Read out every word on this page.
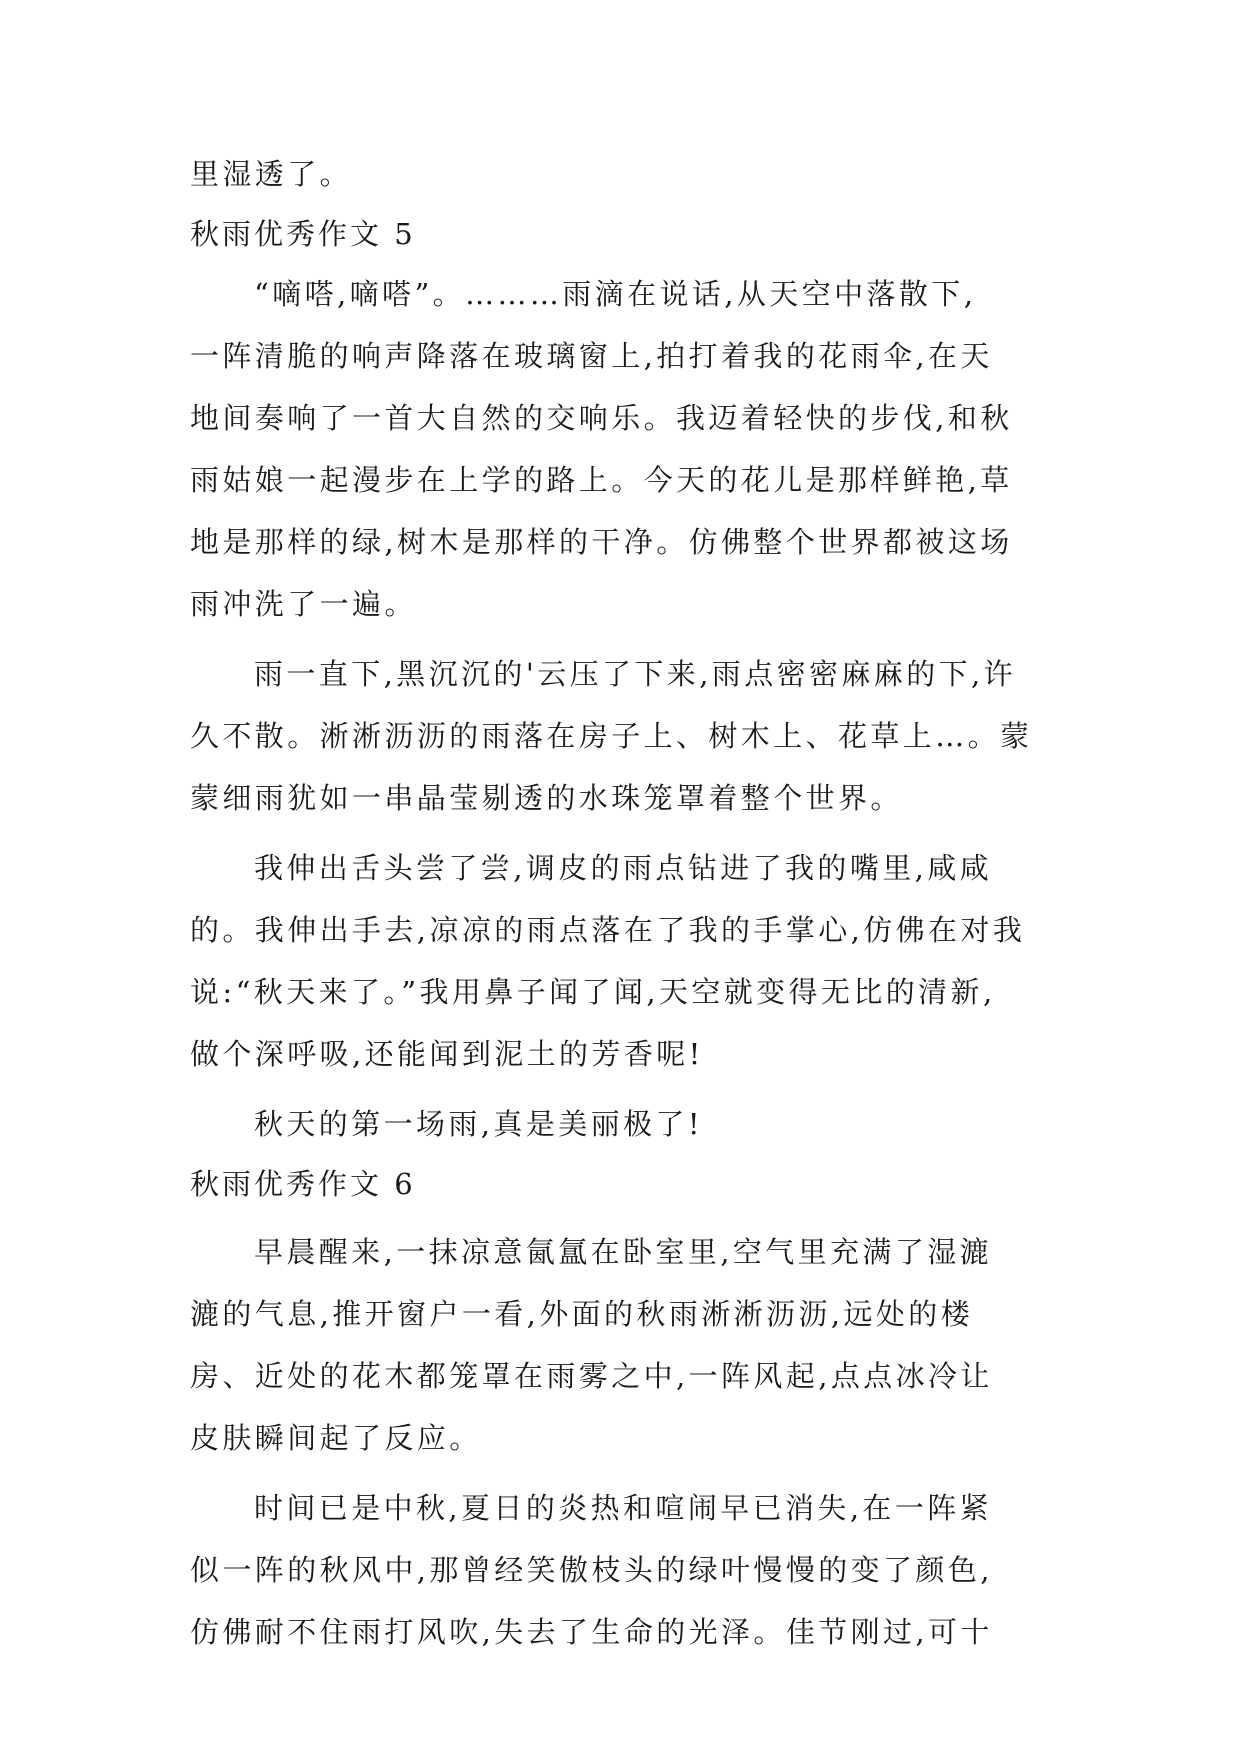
里湿透了。
秋雨优秀作文 5
“嘀嗒,嘀嗒”。………雨滴在说话,从天空中落散下,
一阵清脆的响声降落在玻璃窗上,拍打着我的花雨伞,在天
地间奏响了一首大自然的交响乐。我迈着轻快的步伐,和秋
雨姑娘一起漫步在上学的路上。今天的花儿是那样鲜艳,草
地是那样的绿,树木是那样的干净。仿佛整个世界都被这场
雨冲洗了一遍。
雨一直下,黑沉沉的'云压了下来,雨点密密麻麻的下,许
久不散。淅淅沥沥的雨落在房子上、树木上、花草上…。蒙
蒙细雨犹如一串晶莹剔透的水珠笼罩着整个世界。
我伸出舌头尝了尝,调皮的雨点钻进了我的嘴里,咸咸
的。我伸出手去,凉凉的雨点落在了我的手掌心,仿佛在对我
说:“秋天来了。”我用鼻子闻了闻,天空就变得无比的清新,
做个深呼吸,还能闻到泥土的芳香呢!
秋天的第一场雨,真是美丽极了!
秋雨优秀作文 6
早晨醒来,一抹凉意氤氲在卧室里,空气里充满了湿漉
漉的气息,推开窗户一看,外面的秋雨淅淅沥沥,远处的楼
房、近处的花木都笼罩在雨雾之中,一阵风起,点点冰冷让
皮肤瞬间起了反应。
时间已是中秋,夏日的炎热和喧闹早已消失,在一阵紧
似一阵的秋风中,那曾经笑傲枝头的绿叶慢慢的变了颜色,
仿佛耐不住雨打风吹,失去了生命的光泽。佳节刚过,可十
